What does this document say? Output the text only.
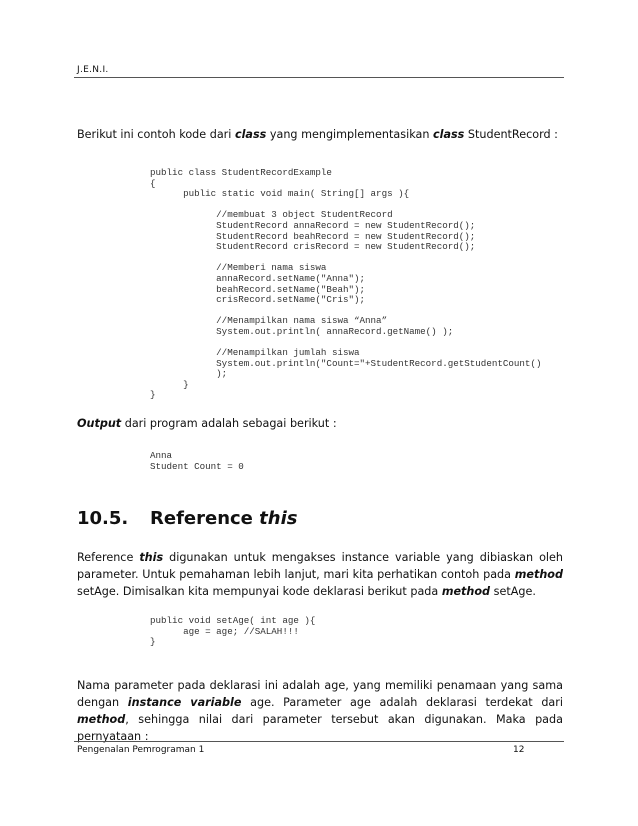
J.E.N.I.
Berikut ini contoh kode dari class yang mengimplementasikan class StudentRecord :
public class StudentRecordExample
{
public static void main( String[] args ){

//membuat 3 object StudentRecord
StudentRecord annaRecord = new StudentRecord();
StudentRecord beahRecord = new StudentRecord();
StudentRecord crisRecord = new StudentRecord();

//Memberi nama siswa
annaRecord.setName("Anna");
beahRecord.setName("Beah");
crisRecord.setName("Cris");

//Menampilkan nama siswa “Anna”
System.out.println( annaRecord.getName() );

//Menampilkan jumlah siswa
System.out.println("Count="+StudentRecord.getStudentCount()
);
}
}
Output dari program adalah sebagai berikut :
Anna
Student Count = 0
10.5. Reference this
Reference this digunakan untuk mengakses instance variable yang dibiaskan oleh parameter. Untuk pemahaman lebih lanjut, mari kita perhatikan contoh pada method setAge. Dimisalkan kita mempunyai kode deklarasi berikut pada method setAge.
public void setAge( int age ){
age = age; //SALAH!!!
}
Nama parameter pada deklarasi ini adalah age, yang memiliki penamaan yang sama dengan instance variable age. Parameter age adalah deklarasi terdekat dari method, sehingga nilai dari parameter tersebut akan digunakan. Maka pada pernyataan :
Pengenalan Pemrograman 1	12
